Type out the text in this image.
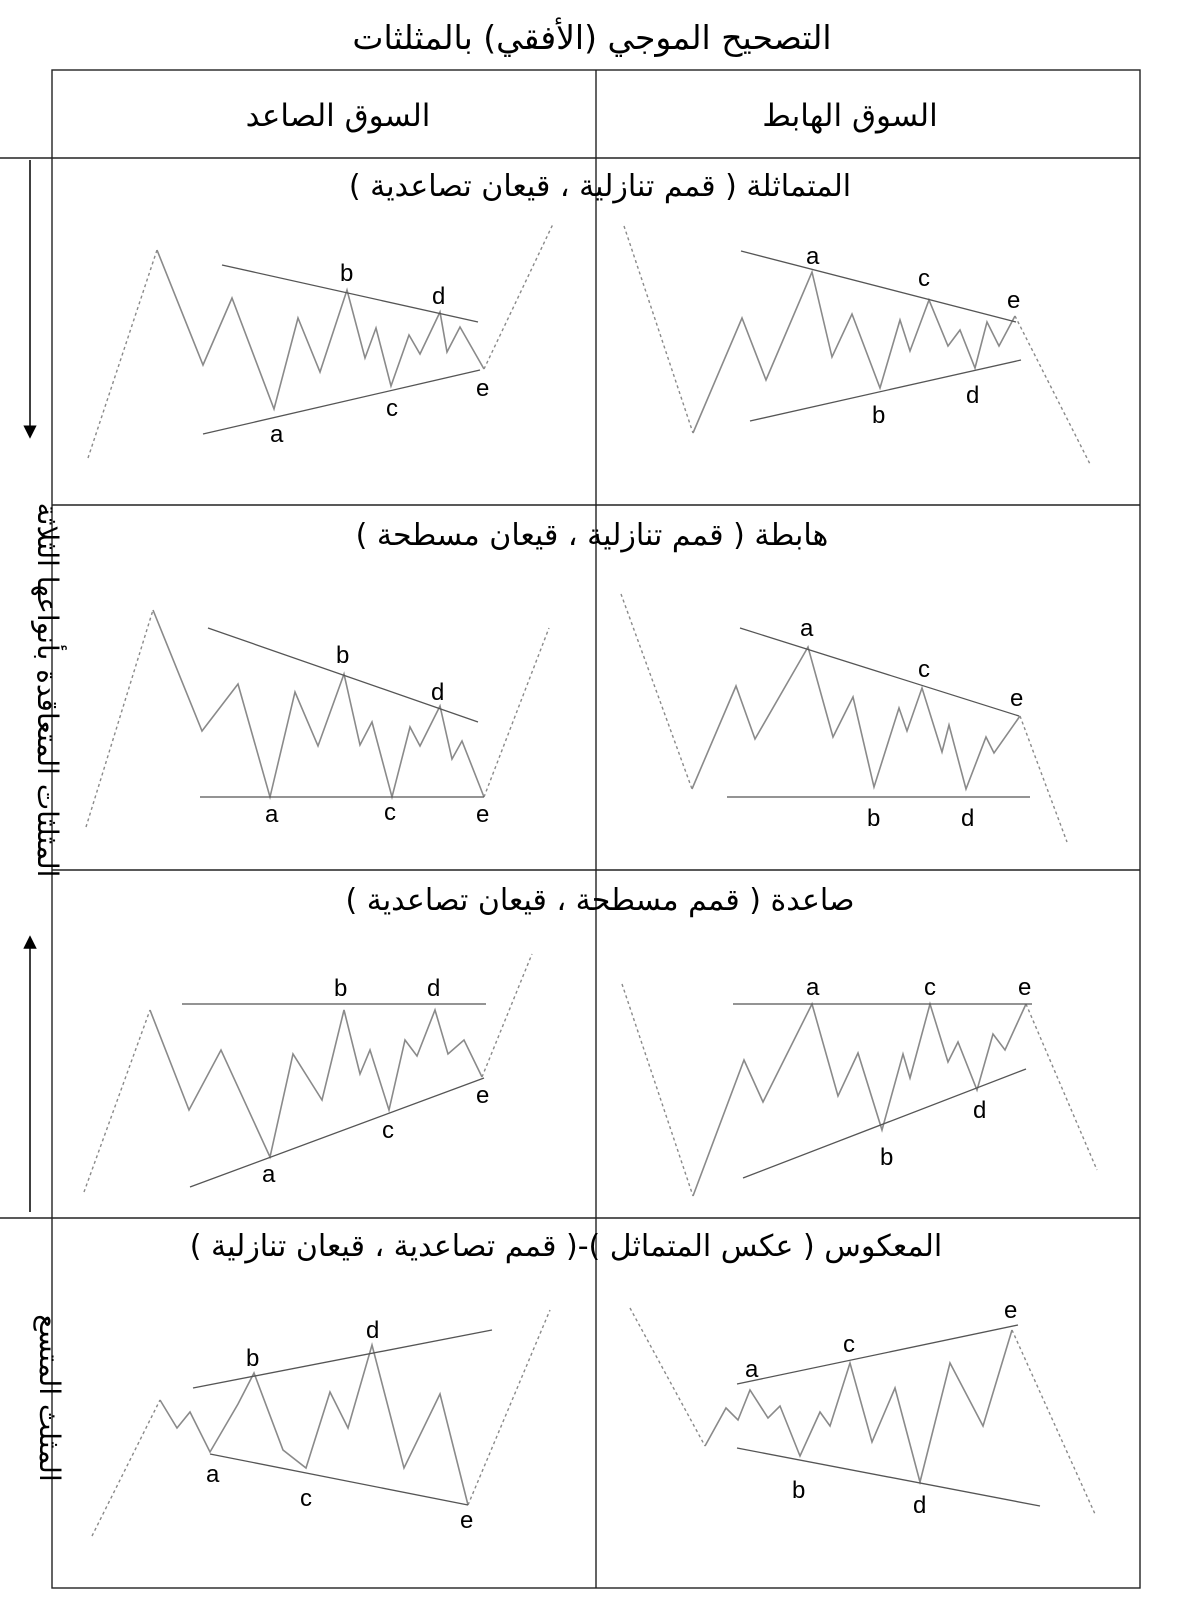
التصحيح الموجي (الأفقي) بالمثلثات
السوق الهابط
السوق الصاعد
المتماثلة ( قمم تنازلية ، قيعان تصاعدية )
هابطة ( قمم تنازلية ، قيعان مسطحة )
صاعدة ( قمم مسطحة ، قيعان تصاعدية )
المعكوس ( عكس المتماثل )-( قمم تصاعدية ، قيعان تنازلية )
المثلثات المتعاقدة بأنواعها الثلاثة
المثلث المتسع
a
b
c
d
e
a
b
c
d
e
a
b
c
d
e
a
b
c
d
e
a
b
c
d
e
a
b
c
d
e
a
b
c
d
e
a
b
c
d
e
